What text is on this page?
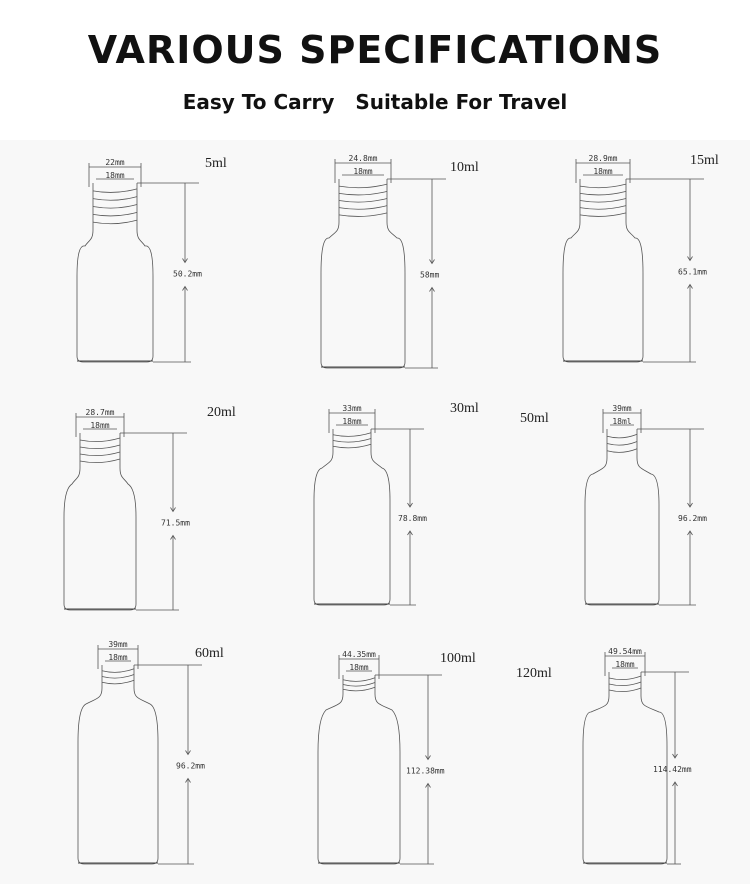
VARIOUS SPECIFICATIONS
Easy To Carry   Suitable For Travel
22mm
18mm
50.2mm
5ml	24.8mm
18mm
58mm
10ml
28.9mm
18mm
65.1mm
15ml
28.7mm
18mm
71.5mm
20ml	33mm
18mm
78.8mm
30ml	39mm
18ml
96.2mm
50ml
39mm
18mm
96.2mm
60ml	44.35mm
18mm
112.38mm
100ml	49.54mm
18mm
114.42mm
120ml
